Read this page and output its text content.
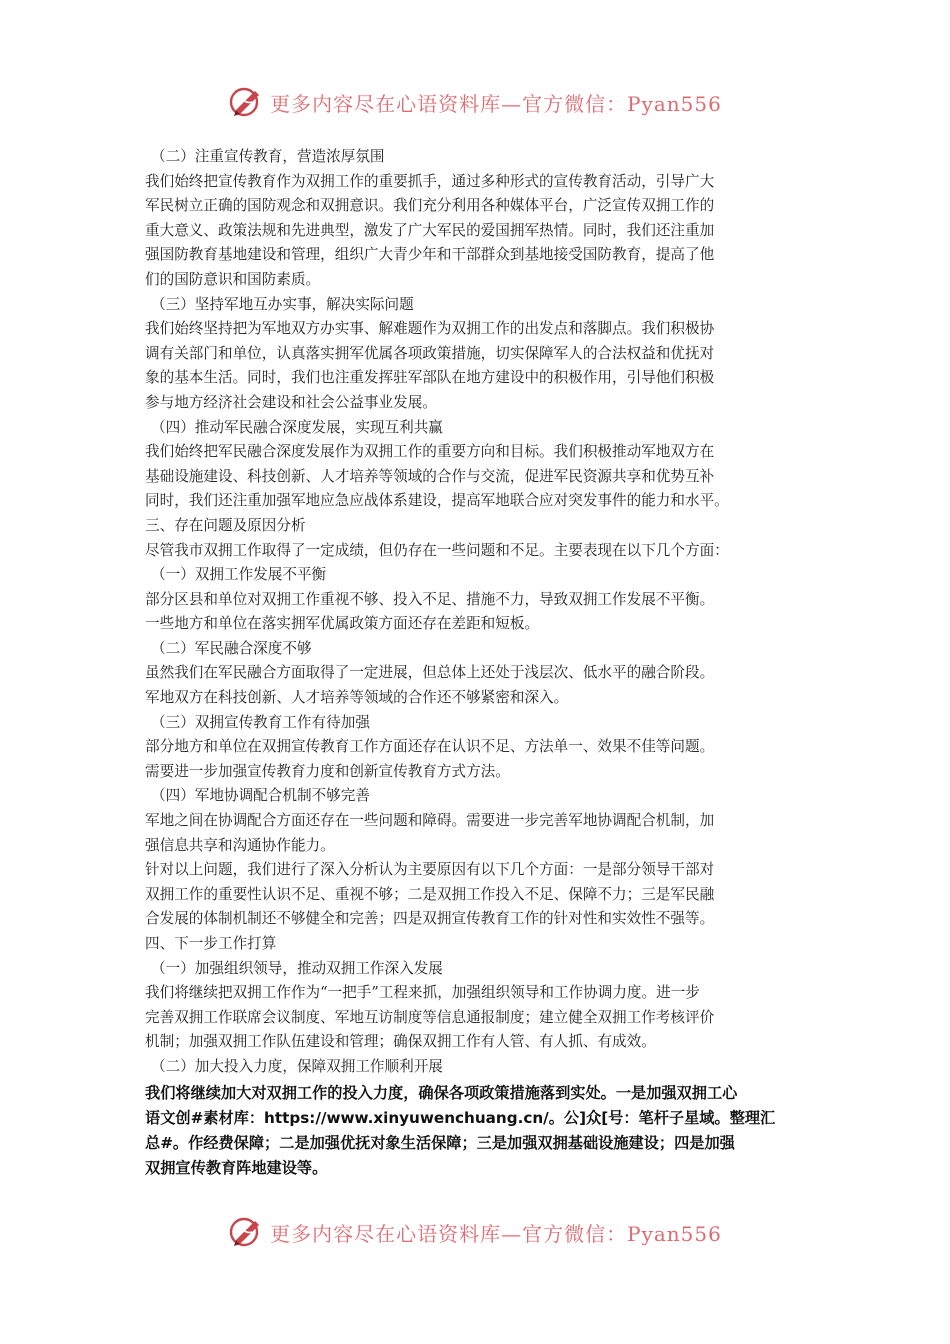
更多内容尽在心语资料库—官方微信：Pyan556
（二）注重宣传教育，营造浓厚氛围
我们始终把宣传教育作为双拥工作的重要抓手，通过多种形式的宣传教育活动，引导广大
军民树立正确的国防观念和双拥意识。我们充分利用各种媒体平台，广泛宣传双拥工作的
重大意义、政策法规和先进典型，激发了广大军民的爱国拥军热情。同时，我们还注重加
强国防教育基地建设和管理，组织广大青少年和干部群众到基地接受国防教育，提高了他
们的国防意识和国防素质。
（三）坚持军地互办实事，解决实际问题
我们始终坚持把为军地双方办实事、解难题作为双拥工作的出发点和落脚点。我们积极协
调有关部门和单位，认真落实拥军优属各项政策措施，切实保障军人的合法权益和优抚对
象的基本生活。同时，我们也注重发挥驻军部队在地方建设中的积极作用，引导他们积极
参与地方经济社会建设和社会公益事业发展。
（四）推动军民融合深度发展，实现互利共赢
我们始终把军民融合深度发展作为双拥工作的重要方向和目标。我们积极推动军地双方在
基础设施建设、科技创新、人才培养等领域的合作与交流，促进军民资源共享和优势互补
同时，我们还注重加强军地应急应战体系建设，提高军地联合应对突发事件的能力和水平。
三、存在问题及原因分析
尽管我市双拥工作取得了一定成绩，但仍存在一些问题和不足。主要表现在以下几个方面：
（一）双拥工作发展不平衡
部分区县和单位对双拥工作重视不够、投入不足、措施不力，导致双拥工作发展不平衡。
一些地方和单位在落实拥军优属政策方面还存在差距和短板。
（二）军民融合深度不够
虽然我们在军民融合方面取得了一定进展，但总体上还处于浅层次、低水平的融合阶段。
军地双方在科技创新、人才培养等领域的合作还不够紧密和深入。
（三）双拥宣传教育工作有待加强
部分地方和单位在双拥宣传教育工作方面还存在认识不足、方法单一、效果不佳等问题。
需要进一步加强宣传教育力度和创新宣传教育方式方法。
（四）军地协调配合机制不够完善
军地之间在协调配合方面还存在一些问题和障碍。需要进一步完善军地协调配合机制，加
强信息共享和沟通协作能力。
针对以上问题，我们进行了深入分析认为主要原因有以下几个方面：一是部分领导干部对
双拥工作的重要性认识不足、重视不够；二是双拥工作投入不足、保障不力；三是军民融
合发展的体制机制还不够健全和完善；四是双拥宣传教育工作的针对性和实效性不强等。
四、下一步工作打算
（一）加强组织领导，推动双拥工作深入发展
我们将继续把双拥工作作为“一把手”工程来抓，加强组织领导和工作协调力度。进一步
完善双拥工作联席会议制度、军地互访制度等信息通报制度；建立健全双拥工作考核评价
机制；加强双拥工作队伍建设和管理；确保双拥工作有人管、有人抓、有成效。
（二）加大投入力度，保障双拥工作顺利开展
我们将继续加大对双拥工作的投入力度，确保各项政策措施落到实处。一是加强双拥工心
语文创#素材库：https://www.xinyuwenchuang.cn/。公]众[号：笔杆子星域。整理汇
总#。作经费保障；二是加强优抚对象生活保障；三是加强双拥基础设施建设；四是加强
双拥宣传教育阵地建设等。
更多内容尽在心语资料库—官方微信：Pyan556
